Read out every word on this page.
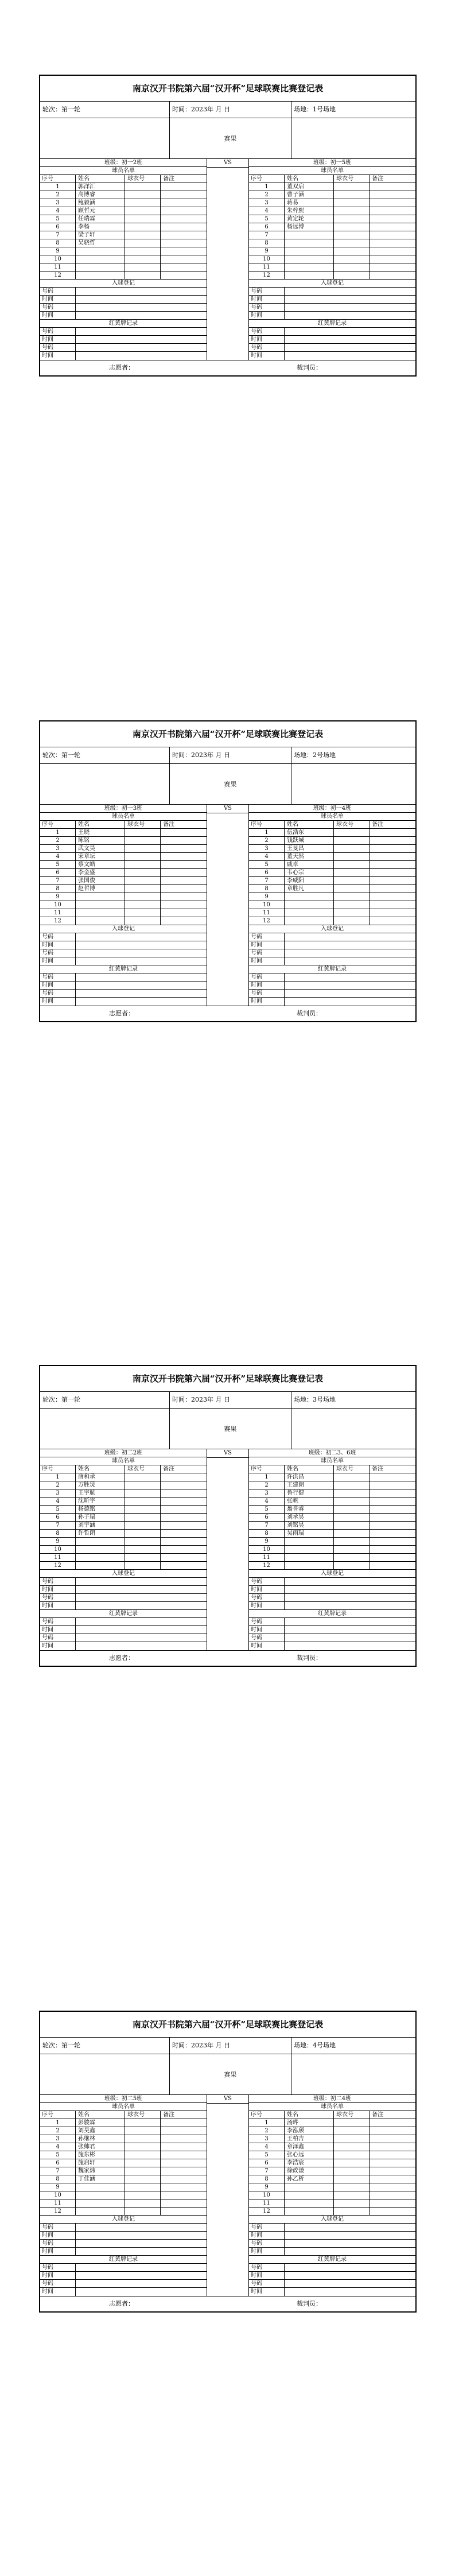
南京汉开书院第六届“汉开杯”足球联赛比赛登记表
轮次：第一轮	时间：2023年 月 日	场地：1号场地
赛果
班级：初一2班
球员名单
序号	姓名	球衣号	备注
1	郭洋汇
2	高博睿
3	鲍毅涵
4	顾哲元
5	任瑞霖
6	李杨
7	梁子轩
8	吴骁哲
9
10
11
12
入球登记
号码
时间
号码
时间
红黄牌记录
号码
时间
号码
时间
VS	班级：初一5班
球员名单
序号	姓名	球衣号	备注
1	董双启
2	曹子涵
3	蒋易
4	朱梓熙
5	黄定轮
6	杨远博
7
8
9
10
11
12
入球登记
号码
时间
号码
时间
红黄牌记录
号码
时间
号码
时间
志愿者：	裁判员：
南京汉开书院第六届“汉开杯”足球联赛比赛登记表
轮次：第一轮	时间：2023年 月 日	场地：2号场地
赛果
班级：初一3班
球员名单
序号	姓名	球衣号	备注
1	王晓
2	陈铭
3	武文昊
4	宋章坛
5	蔡文皓
6	李金盛
7	张国俊
8	赵哲博
9
10
11
12
入球登记
号码
时间
号码
时间
红黄牌记录
号码
时间
号码
时间
VS	班级：初一4班
球员名单
序号	姓名	球衣号	备注
1	伍浩东
2	钱跃城
3	王旻昌
4	董天然
5	戚卓
6	韦心宗
7	李威阳
8	章胜凡
9
10
11
12
入球登记
号码
时间
号码
时间
红黄牌记录
号码
时间
号码
时间
志愿者：	裁判员：
南京汉开书院第六届“汉开杯”足球联赛比赛登记表
轮次：第一轮	时间：2023年 月 日	场地：3号场地
赛果
班级：初二2班
球员名单
序号	姓名	球衣号	备注
1	唐和承
2	万胜炅
3	王宇航
4	沈昕宇
5	杨德铭
6	孙子瑞
7	刘宇涵
8	许哲朗
9
10
11
12
入球登记
号码
时间
号码
时间
红黄牌记录
号码
时间
号码
时间
VS	班级：初二3、6班
球员名单
序号	姓名	球衣号	备注
1	许洪昌
2	王建朗
3	鲁行健
4	张帆
5	翁誉睿
6	刘承昊
7	刘铭昊
8	吴雨瑞
9
10
11
12
入球登记
号码
时间
号码
时间
红黄牌记录
号码
时间
号码
时间
志愿者：	裁判员：
南京汉开书院第六届“汉开杯”足球联赛比赛登记表
轮次：第一轮	时间：2023年 月 日	场地：4号场地
赛果
班级：初二5班
球员名单
序号	姓名	球衣号	备注
1	彭骏霖
2	刘昊鑫
3	孙继林
4	张帅君
5	施东彬
6	施启轩
7	魏家炜
8	丁佳涵
9
10
11
12
入球登记
号码
时间
号码
时间
红黄牌记录
号码
时间
号码
时间
VS	班级：初二4班
球员名单
序号	姓名	球衣号	备注
1	汤晔
2	李泓颀
3	王柏吉
4	章泽鑫
5	张心远
6	李浩宸
7	徐政谦
8	孙乙析
9
10
11
12
入球登记
号码
时间
号码
时间
红黄牌记录
号码
时间
号码
时间
志愿者：	裁判员：
